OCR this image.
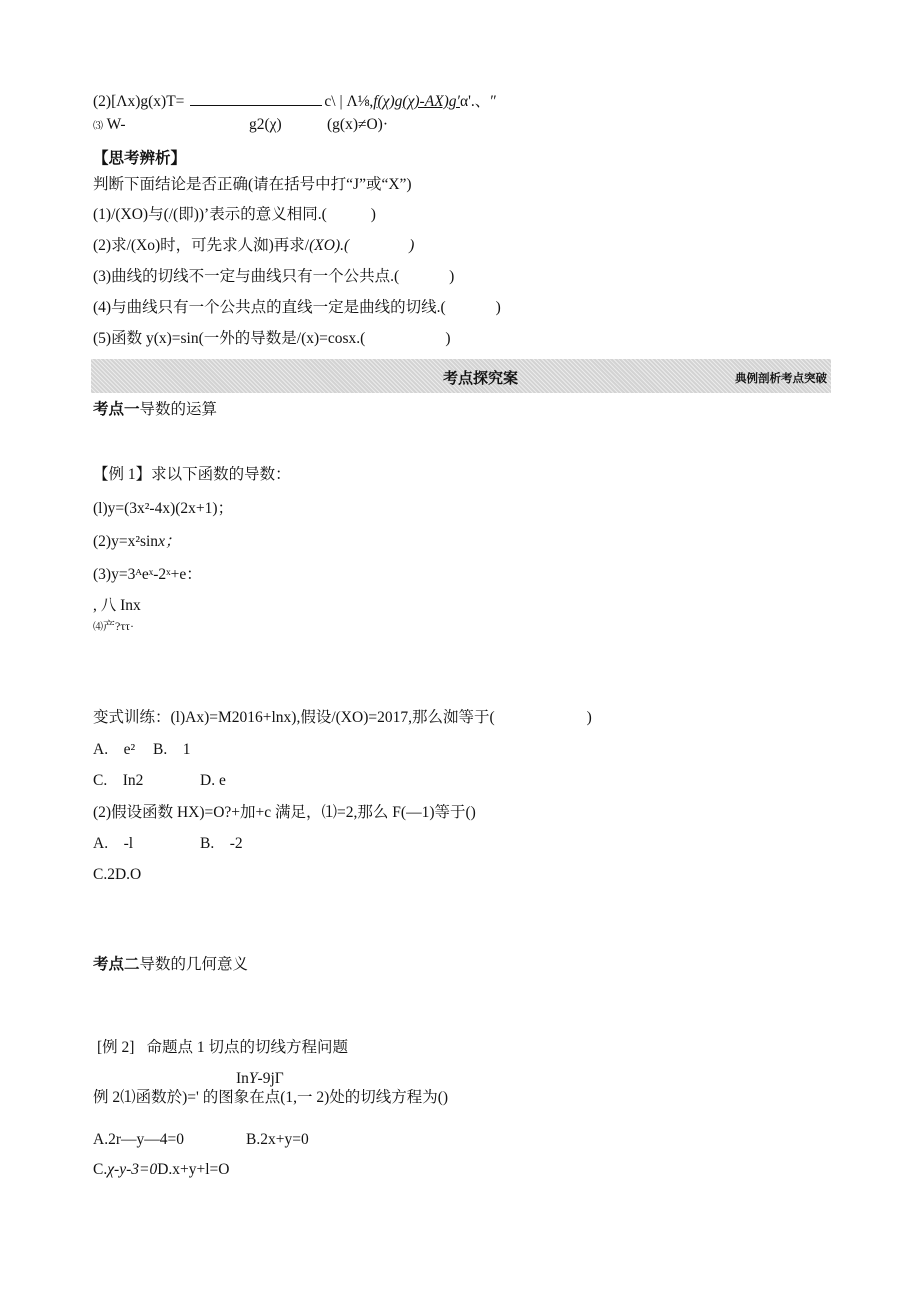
(2)[Λx)g(x)T=	c\ | Λ⅛,f(χ)g(χ)-AX)g′α'.、″
⑶ W-	g2(χ)	(g(x)≠O)·
【思考辨析】
判断下面结论是否正确(请在括号中打“J”或“X”)
(1)/(XO)与(/(即))’表示的意义相同.(	)
(2)求/(Xo)时，可先求人洳)再求/(XO).(	)
(3)曲线的切线不一定与曲线只有一个公共点.(	)
(4)与曲线只有一个公共点的直线一定是曲线的切线.(	)
(5)函数 y(x)=sin(一外的导数是/(x)=cosx.(	)
考点探究案	典例剖析考点突破
考点一导数的运算
【例 1】求以下函数的导数：
(l)y=(3x²-4x)(2x+1)；
(2)y=x²sinx；
(3)y=3ᴬeˣ-2ˣ+e：
, 八 Inx
⑷产?ττ·
变式训练：(l)Ax)=M2016+lnx),假设/(XO)=2017,那么洳等于(	)
A.　e² B.　1
C.　In2	D. e
(2)假设函数 HX)=O?+加+c 满足，⑴=2,那么 F(—1)等于()
A.　-l	B.　-2
C.2D.O
考点二导数的几何意义
[例 2] 命题点 1 切点的切线方程问题
InY-9jΓ
例 2⑴函数於)=' 的图象在点(1,一 2)处的切线方程为()
A.2r—y—4=0	B.2x+y=0
C.χ-y-3=0D.x+y+l=O
